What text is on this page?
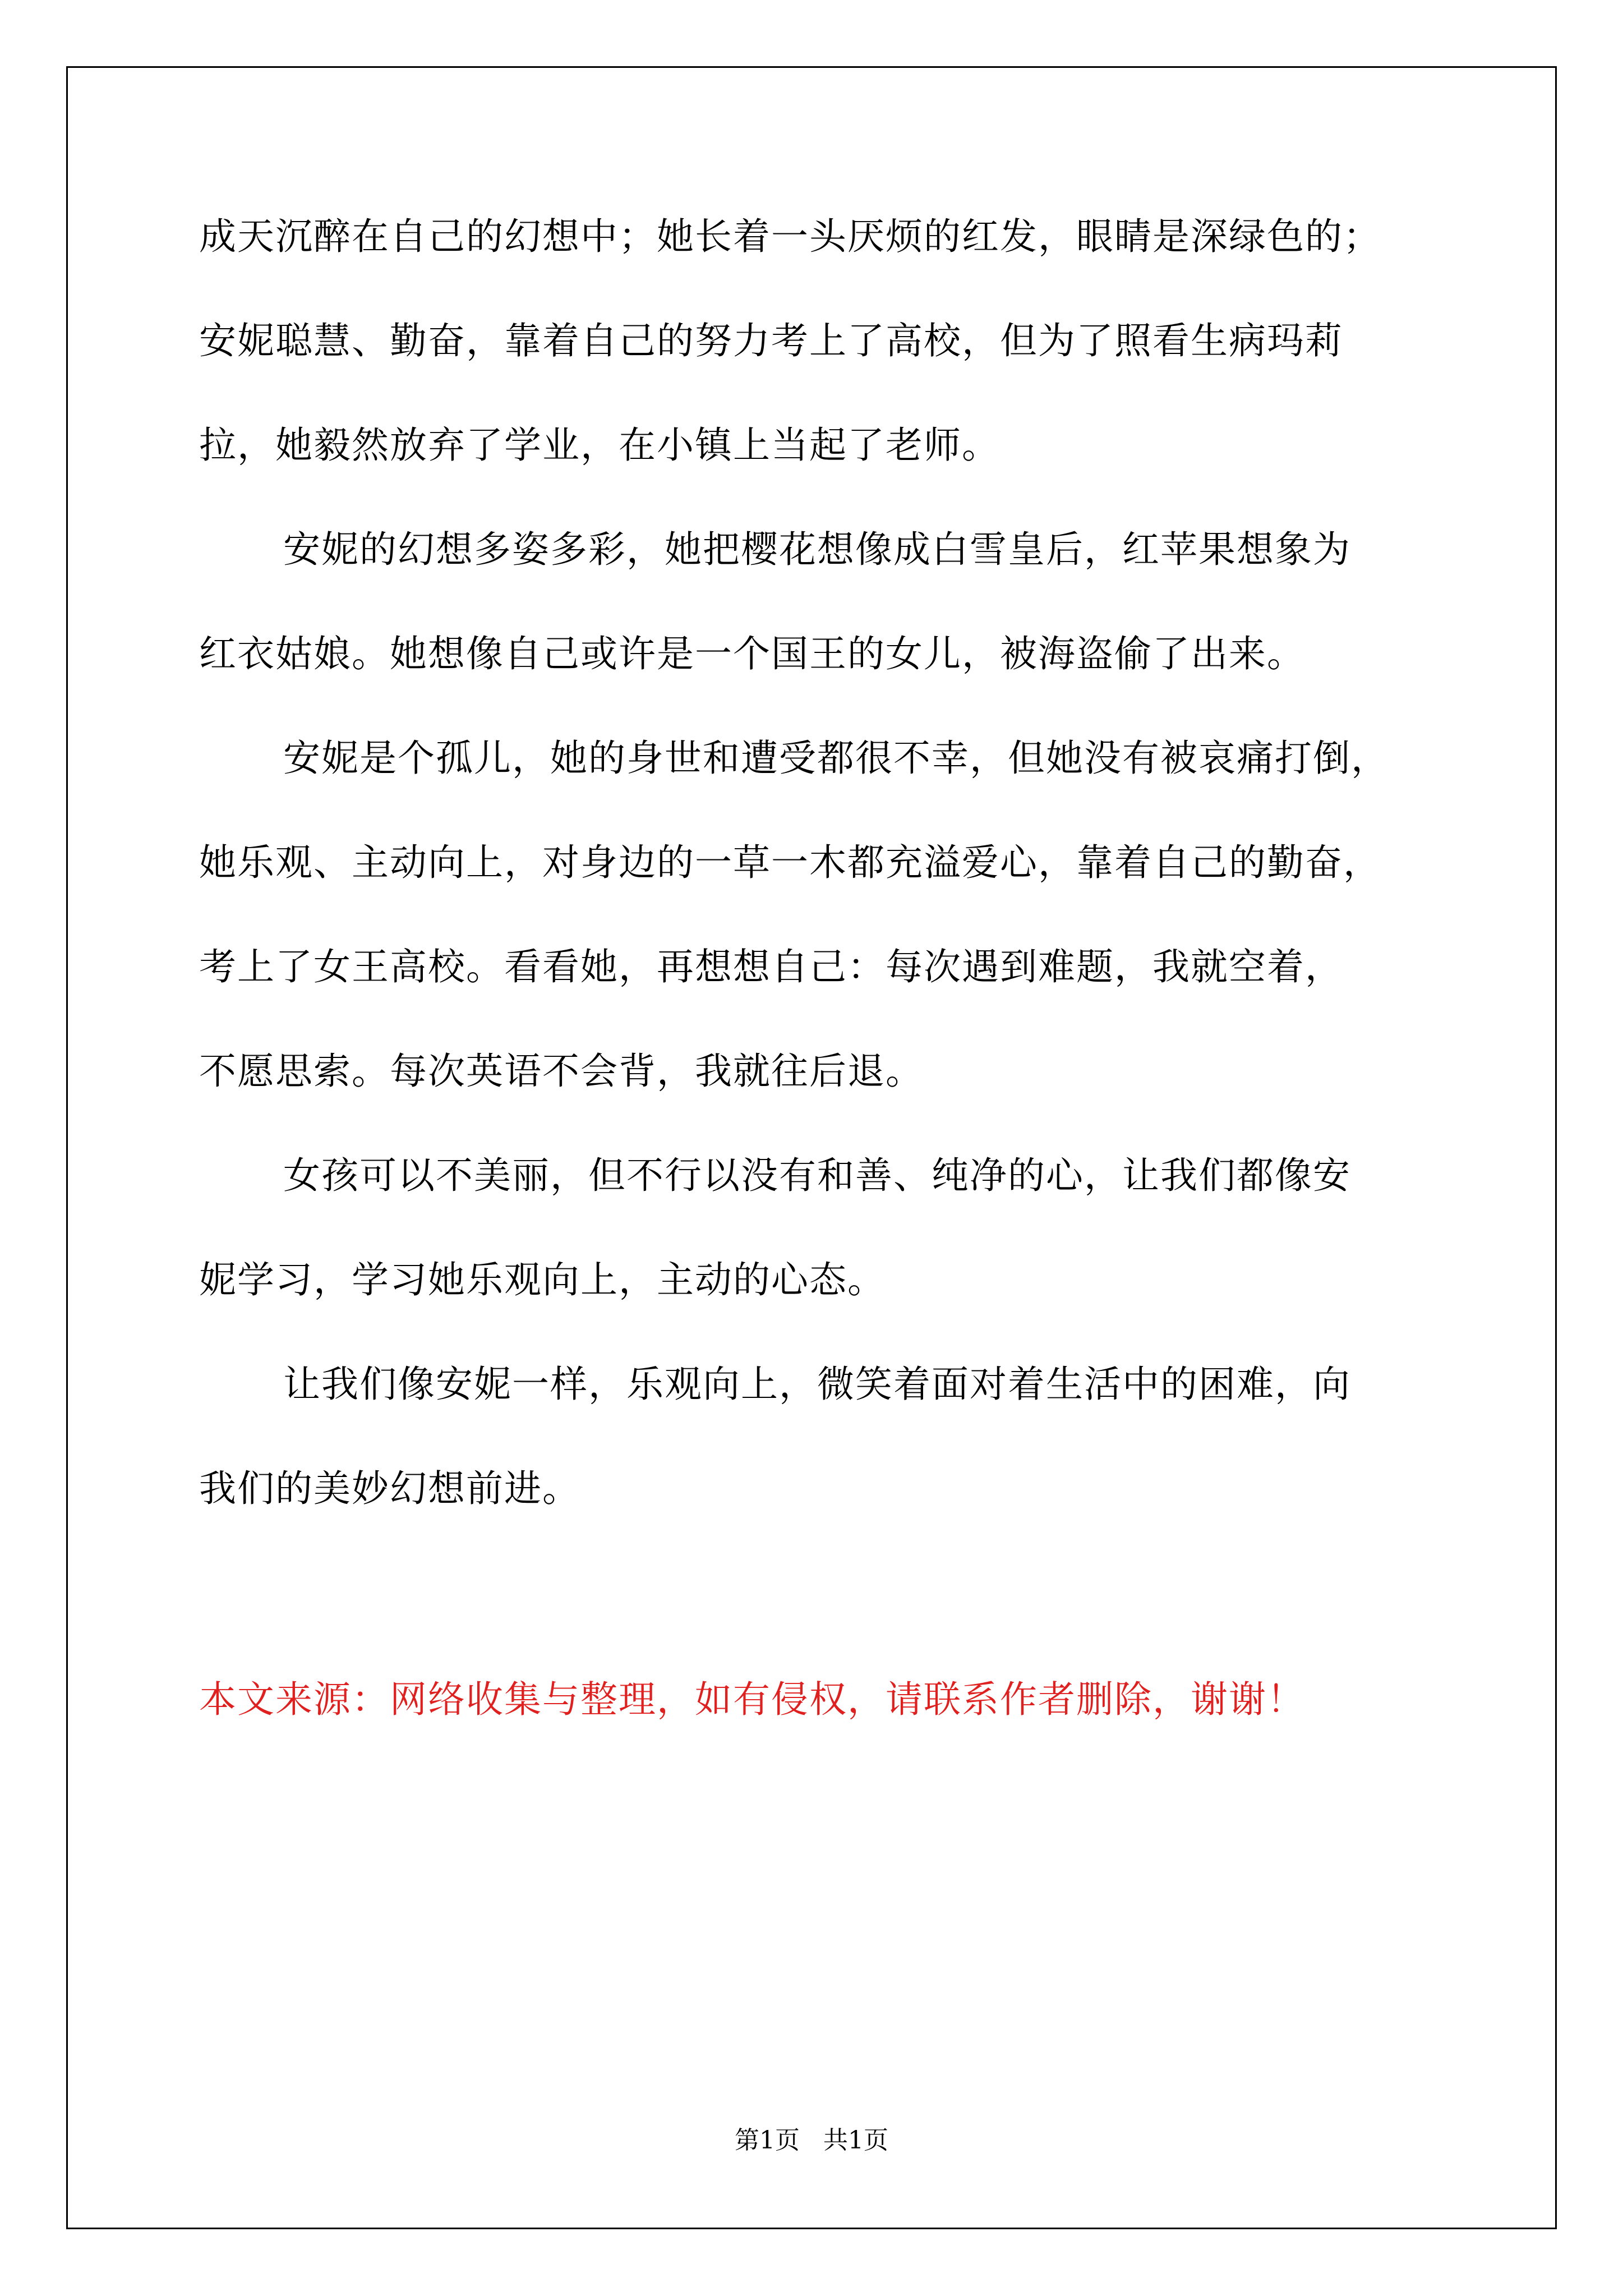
成天沉醉在自己的幻想中；她长着一头厌烦的红发，眼睛是深绿色的；
安妮聪慧、勤奋，靠着自己的努力考上了高校，但为了照看生病玛莉
拉，她毅然放弃了学业，在小镇上当起了老师。
安妮的幻想多姿多彩，她把樱花想像成白雪皇后，红苹果想象为
红衣姑娘。她想像自己或许是一个国王的女儿，被海盗偷了出来。
安妮是个孤儿，她的身世和遭受都很不幸，但她没有被哀痛打倒，
她乐观、主动向上，对身边的一草一木都充溢爱心，靠着自己的勤奋，
考上了女王高校。看看她，再想想自己：每次遇到难题，我就空着，
不愿思索。每次英语不会背，我就往后退。
女孩可以不美丽，但不行以没有和善、纯净的心，让我们都像安
妮学习，学习她乐观向上，主动的心态。
让我们像安妮一样，乐观向上，微笑着面对着生活中的困难，向
我们的美妙幻想前进。
本文来源：网络收集与整理，如有侵权，请联系作者删除，谢谢！
第1页   共1页
